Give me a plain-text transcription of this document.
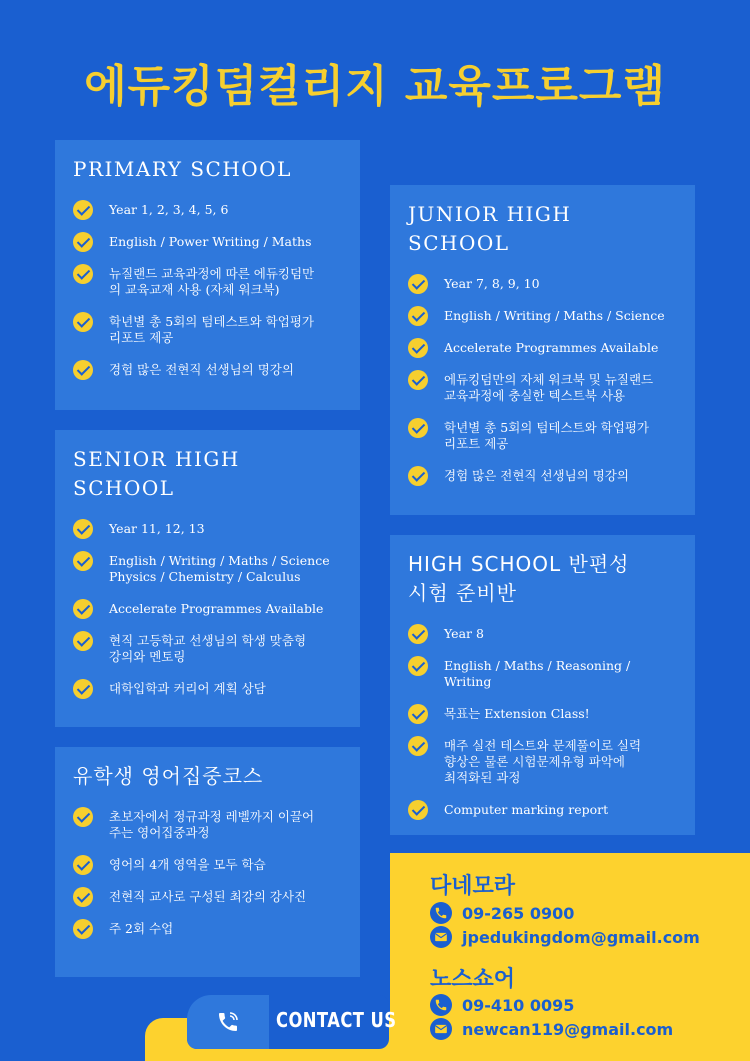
에듀킹덤컬리지 교육프로그램
PRIMARY SCHOOL
Year 1, 2, 3, 4, 5, 6
English / Power Writing / Maths
뉴질랜드 교육과정에 따른 에듀킹덤만
의 교육교재 사용 (자체 워크북)
학년별 총 5회의 텀테스트와 학업평가
리포트 제공
경험 많은 전현직 선생님의 명강의
JUNIOR HIGH
SCHOOL
Year 7, 8, 9, 10
English / Writing / Maths / Science
Accelerate Programmes Available
에듀킹덤만의 자체 워크북 및 뉴질랜드
교육과정에 충실한 텍스트북 사용
학년별 총 5회의 텀테스트와 학업평가
리포트 제공
경험 많은 전현직 선생님의 명강의
SENIOR HIGH
SCHOOL
Year 11, 12, 13
English / Writing / Maths / Science
Physics / Chemistry / Calculus
Accelerate Programmes Available
현직 고등학교 선생님의 학생 맞춤형
강의와 멘토링
대학입학과 커리어 계획 상담
HIGH SCHOOL 반편성
시험 준비반
Year 8
English / Maths / Reasoning / Writing
목표는 Extension Class!
매주 실전 테스트와 문제풀이로 실력
향상은 물론 시험문제유형 파악에
최적화된 과정
Computer marking report
유학생 영어집중코스
초보자에서 정규과정 레벨까지 이끌어
주는 영어집중과정
영어의 4개 영역을 모두 학습
전현직 교사로 구성된 최강의 강사진
주 2회 수업
CONTACT US
다네모라
09-265 0900
jpedukingdom@gmail.com
노스쇼어
09-410 0095
newcan119@gmail.com
